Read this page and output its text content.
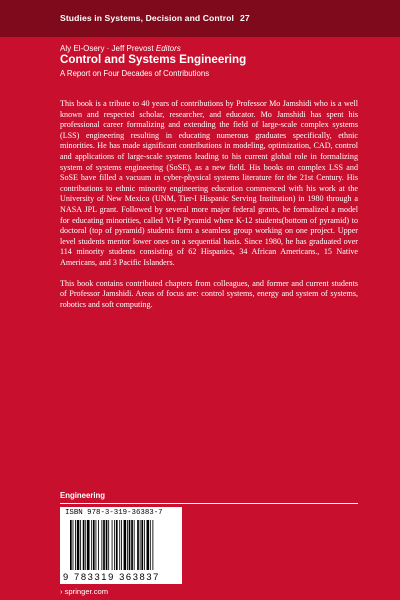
Studies in Systems, Decision and Control 27
Aly El-Osery · Jeff Prevost Editors
Control and Systems Engineering
A Report on Four Decades of Contributions

This book is a tribute to 40 years of contributions by Professor Mo Jamshidi who is a well known and respected scholar, researcher, and educator. Mo Jamshidi has spent his professional career formalizing and extending the field of large-scale complex systems (LSS) engineering resulting in educating numerous graduates specifically, ethnic minorities. He has made significant contributions in modeling, optimization, CAD, control and applications of large-scale systems leading to his current global role in formalizing system of systems engineering (SoSE), as a new field. His books on complex LSS and SoSE have filled a vacuum in cyber-physical systems literature for the 21st Century. His contributions to ethnic minority engineering education commenced with his work at the University of New Mexico (UNM, Tier-I Hispanic Serving Institution) in 1980 through a NASA JPL grant. Followed by several more major federal grants, he formalized a model for educating minorities, called VI-P Pyramid where K-12 students(bottom of pyramid) to doctoral (top of pyramid) students form a seamless group working on one project. Upper level students mentor lower ones on a sequential basis. Since 1980, he has graduated over 114 minority students consisting of 62 Hispanics, 34 African Americans., 15 Native Americans, and 3 Pacific Islanders.

This book contains contributed chapters from colleagues, and former and current students of Professor Jamshidi. Areas of focus are: control systems, energy and system of systems, robotics and soft computing.

Engineering
ISBN 978-3-319-36383-7
9 783319 363837
› springer.com
